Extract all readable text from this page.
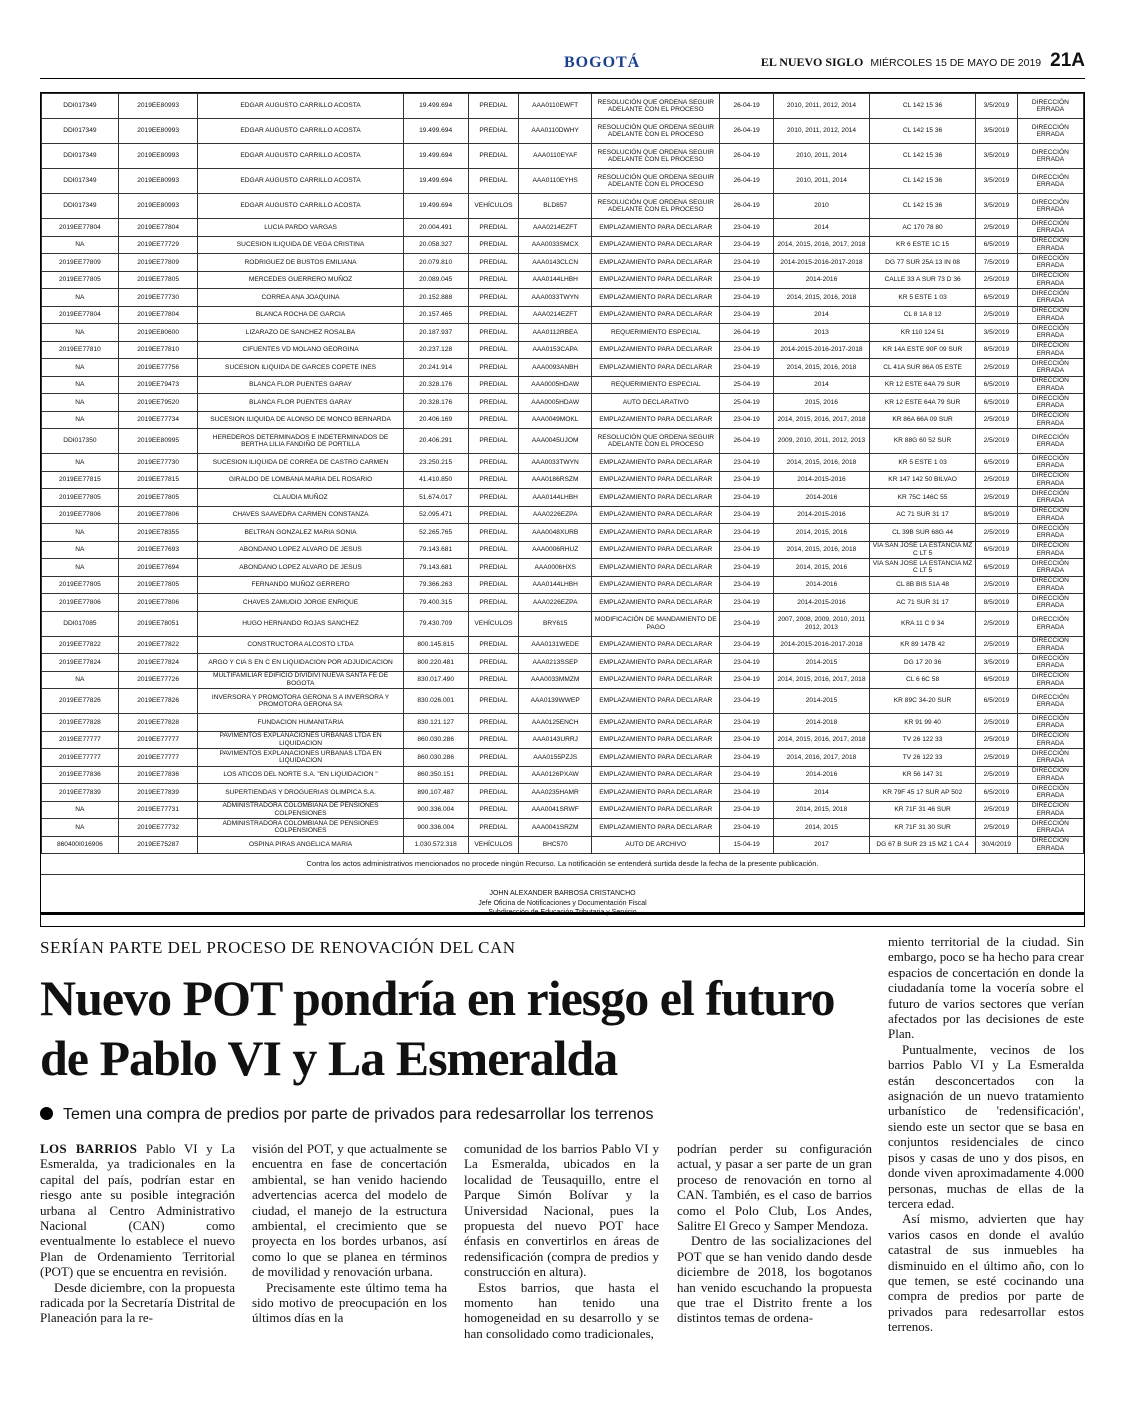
BOGOTÁ	EL NUEVO SIGLO MIÉRCOLES 15 DE MAYO DE 2019 21A
DDI017349	2019EE80993	EDGAR AUGUSTO CARRILLO ACOSTA	19.499.694	PREDIAL	AAA0110EWFT	RESOLUCIÓN QUE ORDENA SEGUIR ADELANTE CON EL PROCESO	26-04-19	2010, 2011, 2012, 2014	CL 142 15 36	3/5/2019	DIRECCIÓN ERRADA
DDI017349	2019EE80993	EDGAR AUGUSTO CARRILLO ACOSTA	19.499.694	PREDIAL	AAA0110DWHY	RESOLUCIÓN QUE ORDENA SEGUIR ADELANTE CON EL PROCESO	26-04-19	2010, 2011, 2012, 2014	CL 142 15 36	3/5/2019	DIRECCIÓN ERRADA
DDI017349	2019EE80993	EDGAR AUGUSTO CARRILLO ACOSTA	19.499.694	PREDIAL	AAA0110EYAF	RESOLUCIÓN QUE ORDENA SEGUIR ADELANTE CON EL PROCESO	26-04-19	2010, 2011, 2014	CL 142 15 36	3/5/2019	DIRECCIÓN ERRADA
DDI017349	2019EE80993	EDGAR AUGUSTO CARRILLO ACOSTA	19.499.694	PREDIAL	AAA0110EYHS	RESOLUCIÓN QUE ORDENA SEGUIR ADELANTE CON EL PROCESO	26-04-19	2010, 2011, 2014	CL 142 15 36	3/5/2019	DIRECCIÓN ERRADA
DDI017349	2019EE80993	EDGAR AUGUSTO CARRILLO ACOSTA	19.499.694	VEHÍCULOS	BLD857	RESOLUCIÓN QUE ORDENA SEGUIR ADELANTE CON EL PROCESO	26-04-19	2010	CL 142 15 36	3/5/2019	DIRECCIÓN ERRADA
2019EE77804	2019EE77804	LUCIA PARDO VARGAS	20.004.491	PREDIAL	AAA0214EZFT	EMPLAZAMIENTO PARA DECLARAR	23-04-19	2014	AC 170 78 80	2/5/2019	DIRECCIÓN ERRADA
NA	2019EE77729	SUCESION ILIQUIDA DE VEGA CRISTINA	20.058.327	PREDIAL	AAA0033SMCX	EMPLAZAMIENTO PARA DECLARAR	23-04-19	2014, 2015, 2016, 2017, 2018	KR 6 ESTE 1C 15	6/5/2019	DIRECCIÓN ERRADA
2019EE77809	2019EE77809	RODRIGUEZ DE BUSTOS EMILIANA	20.079.810	PREDIAL	AAA0143CLCN	EMPLAZAMIENTO PARA DECLARAR	23-04-19	2014-2015-2016-2017-2018	DG 77 SUR 25A 13 IN 08	7/5/2019	DIRECCIÓN ERRADA
2019EE77805	2019EE77805	MERCEDES GUERRERO MUÑOZ	20.089.045	PREDIAL	AAA0144LHBH	EMPLAZAMIENTO PARA DECLARAR	23-04-19	2014-2016	CALLE 33 A SUR 73 D 36	2/5/2019	DIRECCIÓN ERRADA
NA	2019EE77730	CORREA ANA JOAQUINA	20.152.888	PREDIAL	AAA0033TWYN	EMPLAZAMIENTO PARA DECLARAR	23-04-19	2014, 2015, 2016, 2018	KR 5 ESTE 1 03	6/5/2019	DIRECCIÓN ERRADA
2019EE77804	2019EE77804	BLANCA ROCHA DE GARCIA	20.157.465	PREDIAL	AAA0214EZFT	EMPLAZAMIENTO PARA DECLARAR	23-04-19	2014	CL 8 1A 8 12	2/5/2019	DIRECCIÓN ERRADA
NA	2019EE80600	LIZARAZO DE SANCHEZ ROSALBA	20.187.937	PREDIAL	AAA0112RBEA	REQUERIMIENTO ESPECIAL	26-04-19	2013	KR 110 124 51	3/5/2019	DIRECCIÓN ERRADA
2019EE77810	2019EE77810	CIFUENTES VD MOLANO GEORGINA	20.237.128	PREDIAL	AAA0153CAPA	EMPLAZAMIENTO PARA DECLARAR	23-04-19	2014-2015-2016-2017-2018	KR 14A ESTE 90F 09 SUR	8/5/2019	DIRECCIÓN ERRADA
NA	2019EE77756	SUCESION ILIQUIDA DE GARCES COPETE INES	20.241.914	PREDIAL	AAA0093ANBH	EMPLAZAMIENTO PARA DECLARAR	23-04-19	2014, 2015, 2016, 2018	CL 41A SUR 86A 05 ESTE	2/5/2019	DIRECCIÓN ERRADA
NA	2019EE79473	BLANCA FLOR PUENTES GARAY	20.328.176	PREDIAL	AAA0005HDAW	REQUERIMIENTO ESPECIAL	25-04-19	2014	KR 12 ESTE 64A 79 SUR	6/5/2019	DIRECCIÓN ERRADA
NA	2019EE79520	BLANCA FLOR PUENTES GARAY	20.328.176	PREDIAL	AAA0005HDAW	AUTO DECLARATIVO	25-04-19	2015, 2016	KR 12 ESTE 64A 79 SUR	6/5/2019	DIRECCIÓN ERRADA
NA	2019EE77734	SUCESION ILIQUIDA DE ALONSO DE MONCO BERNARDA	20.406.169	PREDIAL	AAA0049MOKL	EMPLAZAMIENTO PARA DECLARAR	23-04-19	2014, 2015, 2016, 2017, 2018	KR 86A 66A 09 SUR	2/5/2019	DIRECCIÓN ERRADA
DDI017350	2019EE80995	HEREDEROS DETERMINADOS E INDETERMINADOS DE BERTHA LILIA FANDIÑO DE PORTILLA	20.406.291	PREDIAL	AAA0045UJOM	RESOLUCIÓN QUE ORDENA SEGUIR ADELANTE CON EL PROCESO	26-04-19	2009, 2010, 2011, 2012, 2013	KR 88G 60 52 SUR	2/5/2019	DIRECCIÓN ERRADA
NA	2019EE77730	SUCESION ILIQUIDA DE CORREA DE CASTRO CARMEN	23.250.215	PREDIAL	AAA0033TWYN	EMPLAZAMIENTO PARA DECLARAR	23-04-19	2014, 2015, 2016, 2018	KR 5 ESTE 1 03	6/5/2019	DIRECCIÓN ERRADA
2019EE77815	2019EE77815	GIRALDO DE LOMBANA MARIA DEL ROSARIO	41.410.850	PREDIAL	AAA0186RSZM	EMPLAZAMIENTO PARA DECLARAR	23-04-19	2014-2015-2016	KR 147 142 50 BILVAO	2/5/2019	DIRECCIÓN ERRADA
2019EE77805	2019EE77805	CLAUDIA MUÑOZ	51.674.017	PREDIAL	AAA0144LHBH	EMPLAZAMIENTO PARA DECLARAR	23-04-19	2014-2016	KR 75C 146C 55	2/5/2019	DIRECCIÓN ERRADA
2019EE77806	2019EE77806	CHAVES SAAVEDRA CARMEN CONSTANZA	52.095.471	PREDIAL	AAA0226EZPA	EMPLAZAMIENTO PARA DECLARAR	23-04-19	2014-2015-2016	AC 71 SUR 31 17	8/5/2019	DIRECCIÓN ERRADA
NA	2019EE78355	BELTRAN GONZALEZ MARIA SONIA	52.265.765	PREDIAL	AAA0048XURB	EMPLAZAMIENTO PARA DECLARAR	23-04-19	2014, 2015, 2016	CL 39B SUR 68G 44	2/5/2019	DIRECCIÓN ERRADA
NA	2019EE77693	ABONDANO LOPEZ ALVARO DE JESUS	79.143.681	PREDIAL	AAA0006RHUZ	EMPLAZAMIENTO PARA DECLARAR	23-04-19	2014, 2015, 2016, 2018	VIA SAN JOSE LA ESTANCIA MZ C LT 5	6/5/2019	DIRECCIÓN ERRADA
NA	2019EE77694	ABONDANO LOPEZ ALVARO DE JESUS	79.143.681	PREDIAL	AAA0006HXS	EMPLAZAMIENTO PARA DECLARAR	23-04-19	2014, 2015, 2016	VIA SAN JOSE LA ESTANCIA MZ C LT 5	6/5/2019	DIRECCIÓN ERRADA
2019EE77805	2019EE77805	FERNANDO MUÑOZ GERRERO	79.366.263	PREDIAL	AAA0144LHBH	EMPLAZAMIENTO PARA DECLARAR	23-04-19	2014-2016	CL 8B BIS 51A 48	2/5/2019	DIRECCIÓN ERRADA
2019EE77806	2019EE77806	CHAVES ZAMUDIO JORGE ENRIQUE	79.400.315	PREDIAL	AAA0226EZPA	EMPLAZAMIENTO PARA DECLARAR	23-04-19	2014-2015-2016	AC 71 SUR 31 17	8/5/2019	DIRECCIÓN ERRADA
DDI017085	2019EE78051	HUGO HERNANDO ROJAS SANCHEZ	79.430.709	VEHÍCULOS	BRY615	MODIFICACIÓN DE MANDAMIENTO DE PAGO	23-04-19	2007, 2008, 2009, 2010, 2011 2012, 2013	KRA 11 C 9 34	2/5/2019	DIRECCIÓN ERRADA
2019EE77822	2019EE77822	CONSTRUCTORA ALCOSTO LTDA	800.145.815	PREDIAL	AAA0131WEDE	EMPLAZAMIENTO PARA DECLARAR	23-04-19	2014-2015-2016-2017-2018	KR 89 147B 42	2/5/2019	DIRECCIÓN ERRADA
2019EE77824	2019EE77824	ARGO Y CIA S EN C EN LIQUIDACION POR ADJUDICACION	800.220.481	PREDIAL	AAA0213SSEP	EMPLAZAMIENTO PARA DECLARAR	23-04-19	2014-2015	DG 17 20 36	3/5/2019	DIRECCIÓN ERRADA
NA	2019EE77726	MULTIFAMILIAR EDIFICIO DIVIDIVI NUEVA SANTA FE DE BOGOTA	830.017.490	PREDIAL	AAA0033MMZM	EMPLAZAMIENTO PARA DECLARAR	23-04-19	2014, 2015, 2016, 2017, 2018	CL 6 6C 58	6/5/2019	DIRECCIÓN ERRADA
2019EE77826	2019EE77826	INVERSORA Y PROMOTORA GERONA S A INVERSORA Y PROMOTORA GERONA SA	830.026.001	PREDIAL	AAA0139WWEP	EMPLAZAMIENTO PARA DECLARAR	23-04-19	2014-2015	KR 89C 34-20 SUR	6/5/2019	DIRECCIÓN ERRADA
2019EE77828	2019EE77828	FUNDACION HUMANITARIA	830.121.127	PREDIAL	AAA0125ENCH	EMPLAZAMIENTO PARA DECLARAR	23-04-19	2014-2018	KR 91 99 40	2/5/2019	DIRECCIÓN ERRADA
2019EE77777	2019EE77777	PAVIMENTOS EXPLANACIONES URBANAS LTDA EN LIQUIDACION	860.030.286	PREDIAL	AAA0143URRJ	EMPLAZAMIENTO PARA DECLARAR	23-04-19	2014, 2015, 2016, 2017, 2018	TV 26 122 33	2/5/2019	DIRECCIÓN ERRADA
2019EE77777	2019EE77777	PAVIMENTOS EXPLANACIONES URBANAS LTDA EN LIQUIDACION	860.030.286	PREDIAL	AAA0155PZJS	EMPLAZAMIENTO PARA DECLARAR	23-04-19	2014, 2016, 2017, 2018	TV 26 122 33	2/5/2019	DIRECCIÓN ERRADA
2019EE77836	2019EE77836	LOS ATICOS DEL NORTE S.A. "EN LIQUIDACION "	860.350.151	PREDIAL	AAA0126PXAW	EMPLAZAMIENTO PARA DECLARAR	23-04-19	2014-2016	KR 56 147 31	2/5/2019	DIRECCIÓN ERRADA
2019EE77839	2019EE77839	SUPERTIENDAS Y DROGUERIAS OLIMPICA S.A.	890.107.487	PREDIAL	AAA0235HAMR	EMPLAZAMIENTO PARA DECLARAR	23-04-19	2014	KR 79F 45 17 SUR AP 502	6/5/2019	DIRECCIÓN ERRADA
NA	2019EE77731	ADMINISTRADORA COLOMBIANA DE PENSIONES COLPENSIONES	900.336.004	PREDIAL	AAA0041SRWF	EMPLAZAMIENTO PARA DECLARAR	23-04-19	2014, 2015, 2018	KR 71F 31 46 SUR	2/5/2019	DIRECCIÓN ERRADA
NA	2019EE77732	ADMINISTRADORA COLOMBIANA DE PENSIONES COLPENSIONES	900.336.004	PREDIAL	AAA0041SRZM	EMPLAZAMIENTO PARA DECLARAR	23-04-19	2014, 2015	KR 71F 31 30 SUR	2/5/2019	DIRECCIÓN ERRADA
860400I016906	2019EE75287	OSPINA PIRAS ANGELICA MARIA	1.030.572.318	VEHÍCULOS	BHC570	AUTO DE ARCHIVO	15-04-19	2017	DG 67 B SUR 23 15 MZ 1 CA 4	30/4/2019	DIRECCIÓN ERRADA
Contra los actos administrativos mencionados no procede ningún Recurso. La notificación se entenderá surtida desde la fecha de la presente publicación.
JOHN ALEXANDER BARBOSA CRISTANCHO
Jefe Oficina de Notificaciones y Documentación Fiscal
Subdirección de Educación Tributaria y Servicio
SERÍAN PARTE DEL PROCESO DE RENOVACIÓN DEL CAN
Nuevo POT pondría en riesgo el futuro de Pablo VI y La Esmeralda
Temen una compra de predios por parte de privados para redesarrollar los terrenos

LOS BARRIOS Pablo VI y La Esmeralda, ya tradicionales en la capital del país, podrían estar en riesgo ante su posible integración urbana al Centro Administrativo Nacional (CAN) como eventualmente lo establece el nuevo Plan de Ordenamiento Territorial (POT) que se encuentra en revisión.

Desde diciembre, con la propuesta radicada por la Secretaría Distrital de Planeación para la re-

visión del POT, y que actualmente se encuentra en fase de concertación ambiental, se han venido haciendo advertencias acerca del modelo de ciudad, el manejo de la estructura ambiental, el crecimiento que se proyecta en los bordes urbanos, así como lo que se planea en términos de movilidad y renovación urbana.

Precisamente este último tema ha sido motivo de preocupación en los últimos días en la

comunidad de los barrios Pablo VI y La Esmeralda, ubicados en la localidad de Teusaquillo, entre el Parque Simón Bolívar y la Universidad Nacional, pues la propuesta del nuevo POT hace énfasis en convertirlos en áreas de redensificación (compra de predios y construcción en altura).

Estos barrios, que hasta el momento han tenido una homogeneidad en su desarrollo y se han consolidado como tradicionales,

podrían perder su configuración actual, y pasar a ser parte de un gran proceso de renovación en torno al CAN. También, es el caso de barrios como el Polo Club, Los Andes, Salitre El Greco y Samper Mendoza.

Dentro de las socializaciones del POT que se han venido dando desde diciembre de 2018, los bogotanos han venido escuchando la propuesta que trae el Distrito frente a los distintos temas de ordena-

miento territorial de la ciudad. Sin embargo, poco se ha hecho para crear espacios de concertación en donde la ciudadanía tome la vocería sobre el futuro de varios sectores que verían afectados por las decisiones de este Plan.

Puntualmente, vecinos de los barrios Pablo VI y La Esmeralda están desconcertados con la asignación de un nuevo tratamiento urbanístico de 'redensificación', siendo este un sector que se basa en conjuntos residenciales de cinco pisos y casas de uno y dos pisos, en donde viven aproximadamente 4.000 personas, muchas de ellas de la tercera edad.

Así mismo, advierten que hay varios casos en donde el avalúo catastral de sus inmuebles ha disminuido en el último año, con lo que temen, se esté cocinando una compra de predios por parte de privados para redesarrollar estos terrenos.
